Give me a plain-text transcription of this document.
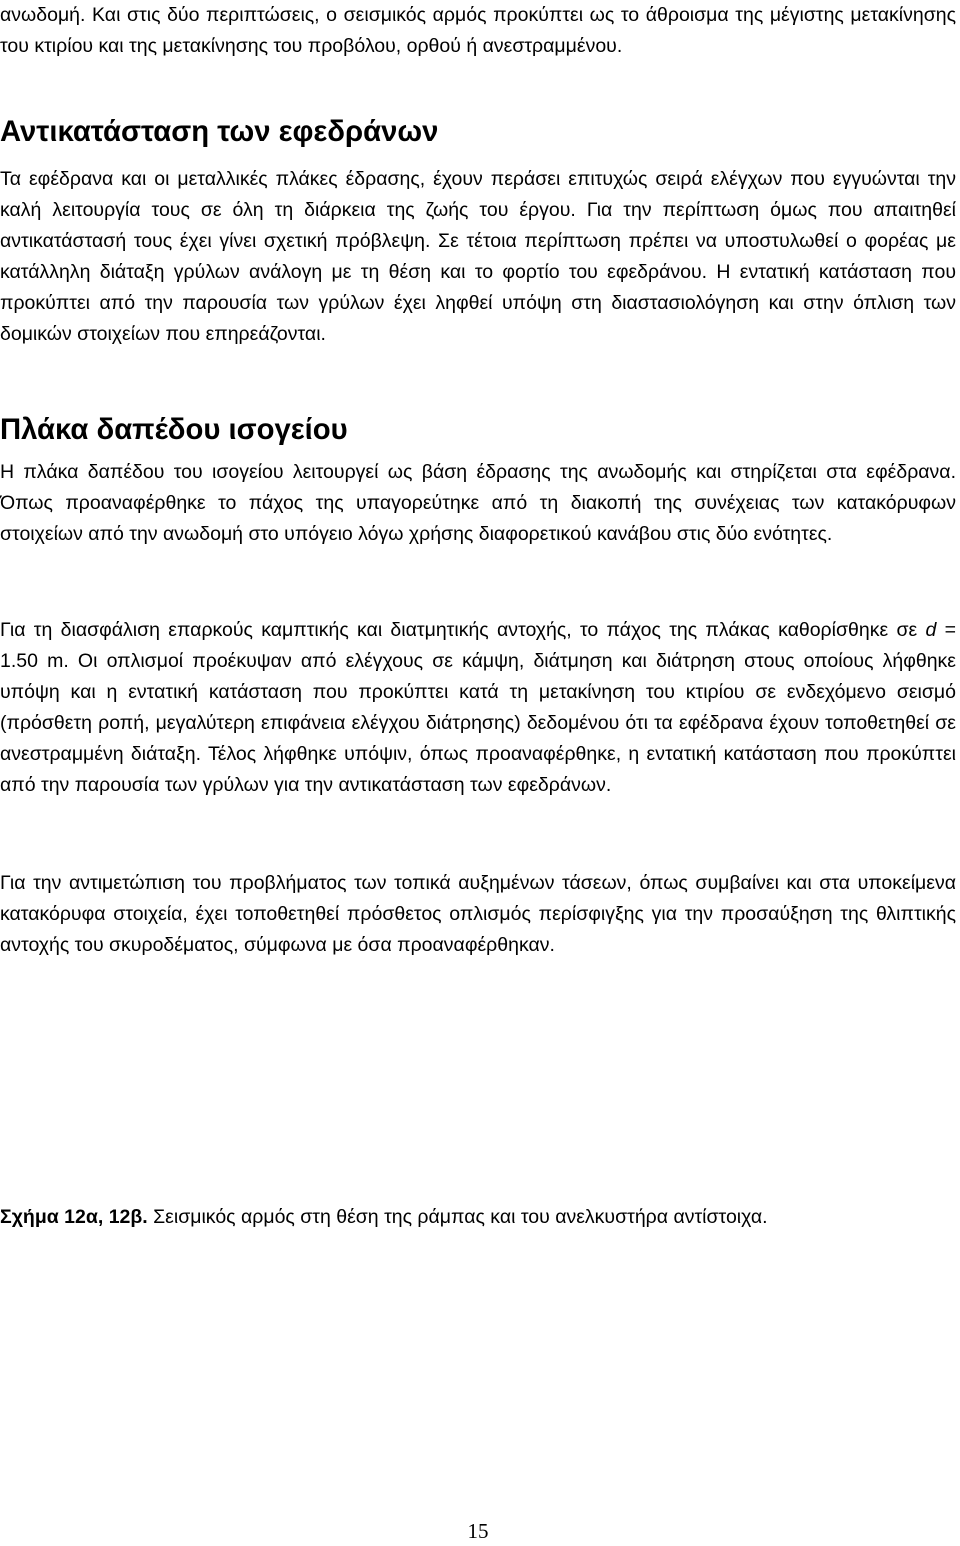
ανωδομή. Και στις δύο περιπτώσεις, ο σεισμικός αρμός προκύπτει ως το άθροισμα της μέγιστης μετακίνησης του κτιρίου και της μετακίνησης του προβόλου, ορθού ή ανεστραμμένου.

Αντικατάσταση των εφεδράνων

Τα εφέδρανα και οι μεταλλικές πλάκες έδρασης, έχουν περάσει επιτυχώς σειρά ελέγχων που εγγυώνται την καλή λειτουργία τους σε όλη τη διάρκεια της ζωής του έργου. Για την περίπτωση όμως που απαιτηθεί αντικατάστασή τους έχει γίνει σχετική πρόβλεψη. Σε τέτοια περίπτωση πρέπει να υποστυλωθεί ο φορέας με κατάλληλη διάταξη γρύλων ανάλογη με τη θέση και το φορτίο του εφεδράνου. Η εντατική κατάσταση που προκύπτει από την παρουσία των γρύλων έχει ληφθεί υπόψη στη διαστασιολόγηση και στην όπλιση των δομικών στοιχείων που επηρεάζονται.

Πλάκα δαπέδου ισογείου

Η πλάκα δαπέδου του ισογείου λειτουργεί ως βάση έδρασης της ανωδομής και στηρίζεται στα εφέδρανα. Όπως προαναφέρθηκε το πάχος της υπαγορεύτηκε από τη διακοπή της συνέχειας των κατακόρυφων στοιχείων από την ανωδομή στο υπόγειο λόγω χρήσης διαφορετικού κανάβου στις δύο ενότητες.

Για τη διασφάλιση επαρκούς καμπτικής και διατμητικής αντοχής, το πάχος της πλάκας καθορίσθηκε σε d = 1.50 m. Οι οπλισμοί προέκυψαν από ελέγχους σε κάμψη, διάτμηση και διάτρηση στους οποίους λήφθηκε υπόψη και η εντατική κατάσταση που προκύπτει κατά τη μετακίνηση του κτιρίου σε ενδεχόμενο σεισμό (πρόσθετη ροπή, μεγαλύτερη επιφάνεια ελέγχου διάτρησης) δεδομένου ότι τα εφέδρανα έχουν τοποθετηθεί σε ανεστραμμένη διάταξη. Τέλος λήφθηκε υπόψιν, όπως προαναφέρθηκε, η εντατική κατάσταση που προκύπτει από την παρουσία των γρύλων για την αντικατάσταση των εφεδράνων.

Για την αντιμετώπιση του προβλήματος των τοπικά αυξημένων τάσεων, όπως συμβαίνει και στα υποκείμενα κατακόρυφα στοιχεία, έχει τοποθετηθεί πρόσθετος οπλισμός περίσφιγξης για την προσαύξηση της θλιπτικής αντοχής του σκυροδέματος, σύμφωνα με όσα προαναφέρθηκαν.

Σχήμα 12α, 12β. Σεισμικός αρμός στη θέση της ράμπας και του ανελκυστήρα αντίστοιχα.

15
